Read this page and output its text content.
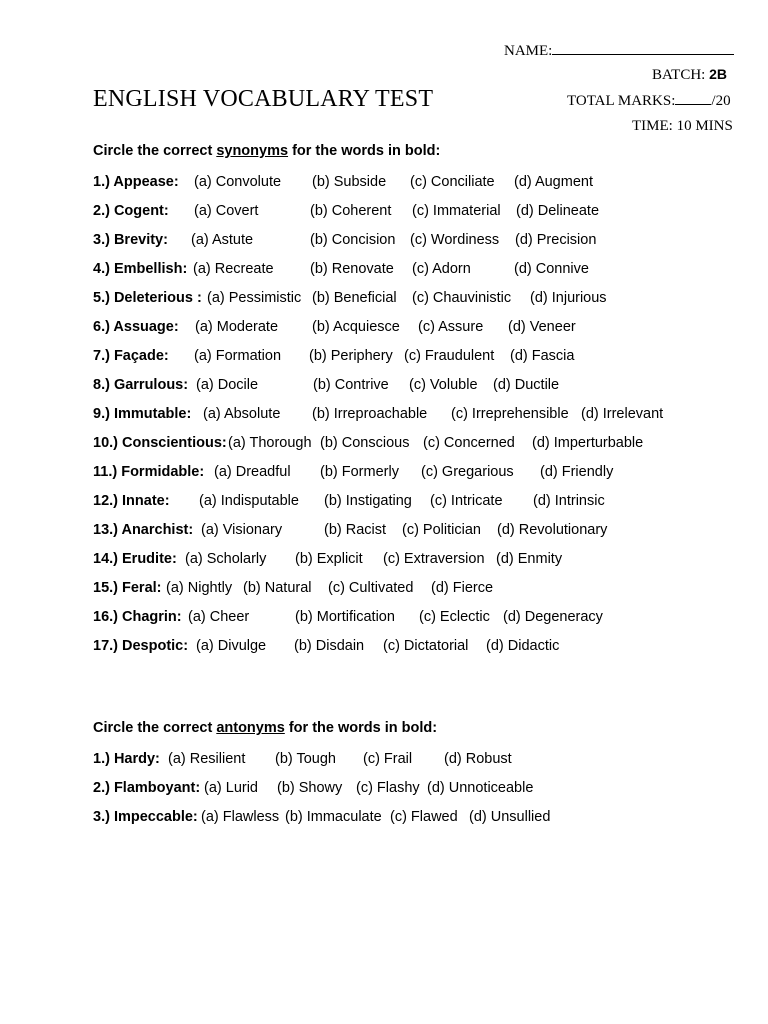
NAME:
BATCH: 2B
ENGLISH VOCABULARY TEST	TOTAL MARKS: /20
TIME: 10 MINS
Circle the correct synonyms for the words in bold:
1.) Appease: (a) Convolute (b) Subside (c) Conciliate (d) Augment
2.) Cogent: (a) Covert	(b) Coherent (c) Immaterial (d) Delineate
3.) Brevity: (a) Astute	(b) Concision (c) Wordiness (d) Precision
4.) Embellish: (a) Recreate	(b) Renovate (c) Adorn	(d) Connive
5.) Deleterious : (a) Pessimistic (b) Beneficial (c) Chauvinistic (d) Injurious
6.) Assuage: (a) Moderate (b) Acquiesce (c) Assure (d) Veneer
7.) Façade: (a) Formation (b) Periphery (c) Fraudulent (d) Fascia
8.) Garrulous: (a) Docile	(b) Contrive (c) Voluble (d) Ductile
9.) Immutable: (a) Absolute (b) Irreproachable (c) Irreprehensible (d) Irrelevant
10.) Conscientious: (a) Thorough (b) Conscious (c) Concerned (d) Imperturbable
11.) Formidable: (a) Dreadful (b) Formerly (c) Gregarious (d) Friendly
12.) Innate: (a) Indisputable (b) Instigating (c) Intricate (d) Intrinsic
13.) Anarchist: (a) Visionary	(b) Racist (c) Politician (d) Revolutionary
14.) Erudite: (a) Scholarly (b) Explicit (c) Extraversion (d) Enmity
15.) Feral: (a) Nightly (b) Natural (c) Cultivated (d) Fierce
16.) Chagrin: (a) Cheer	(b) Mortification (c) Eclectic (d) Degeneracy
17.) Despotic: (a) Divulge (b) Disdain (c) Dictatorial (d) Didactic
Circle the correct antonyms for the words in bold:
1.) Hardy: (a) Resilient (b) Tough (c) Frail (d) Robust
2.) Flamboyant: (a) Lurid (b) Showy (c) Flashy (d) Unnoticeable
3.) Impeccable: (a) Flawless (b) Immaculate (c) Flawed (d) Unsullied
